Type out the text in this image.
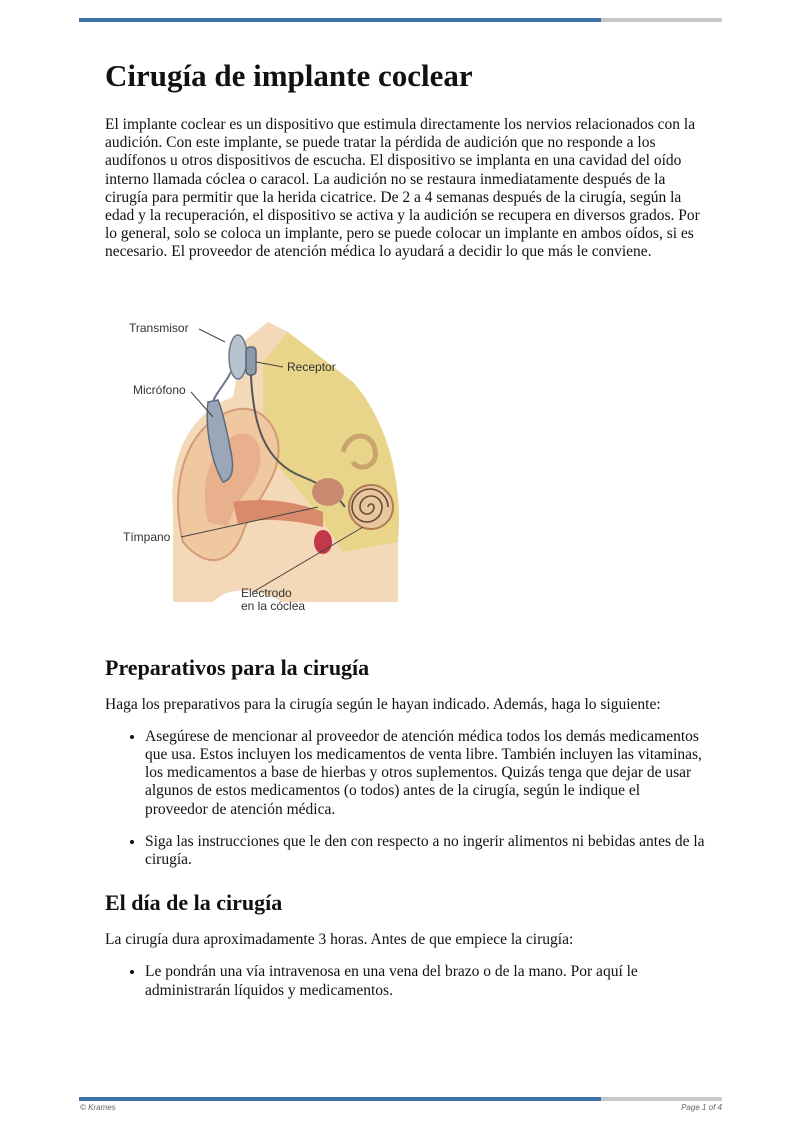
Cirugía de implante coclear

El implante coclear es un dispositivo que estimula directamente los nervios relacionados con la audición. Con este implante, se puede tratar la pérdida de audición que no responde a los audífonos u otros dispositivos de escucha. El dispositivo se implanta en una cavidad del oído interno llamada cóclea o caracol. La audición no se restaura inmediatamente después de la cirugía para permitir que la herida cicatrice. De 2 a 4 semanas después de la cirugía, según la edad y la recuperación, el dispositivo se activa y la audición se recupera en diversos grados. Por lo general, solo se coloca un implante, pero se puede colocar un implante en ambos oídos, si es necesario. El proveedor de atención médica lo ayudará a decidir lo que más le conviene.

Transmisor
Receptor
Micrófono
Tímpano
Electrodo
en la cóclea
Preparativos para la cirugía

Haga los preparativos para la cirugía según le hayan indicado. Además, haga lo siguiente:

• Asegúrese de mencionar al proveedor de atención médica todos los demás medicamentos que usa. Estos incluyen los medicamentos de venta libre. También incluyen las vitaminas, los medicamentos a base de hierbas y otros suplementos. Quizás tenga que dejar de usar algunos de estos medicamentos (o todos) antes de la cirugía, según le indique el proveedor de atención médica.
• Siga las instrucciones que le den con respecto a no ingerir alimentos ni bebidas antes de la cirugía.
El día de la cirugía

La cirugía dura aproximadamente 3 horas. Antes de que empiece la cirugía:

• Le pondrán una vía intravenosa en una vena del brazo o de la mano. Por aquí le administrarán líquidos y medicamentos.
© Krames	Page 1 of 4
